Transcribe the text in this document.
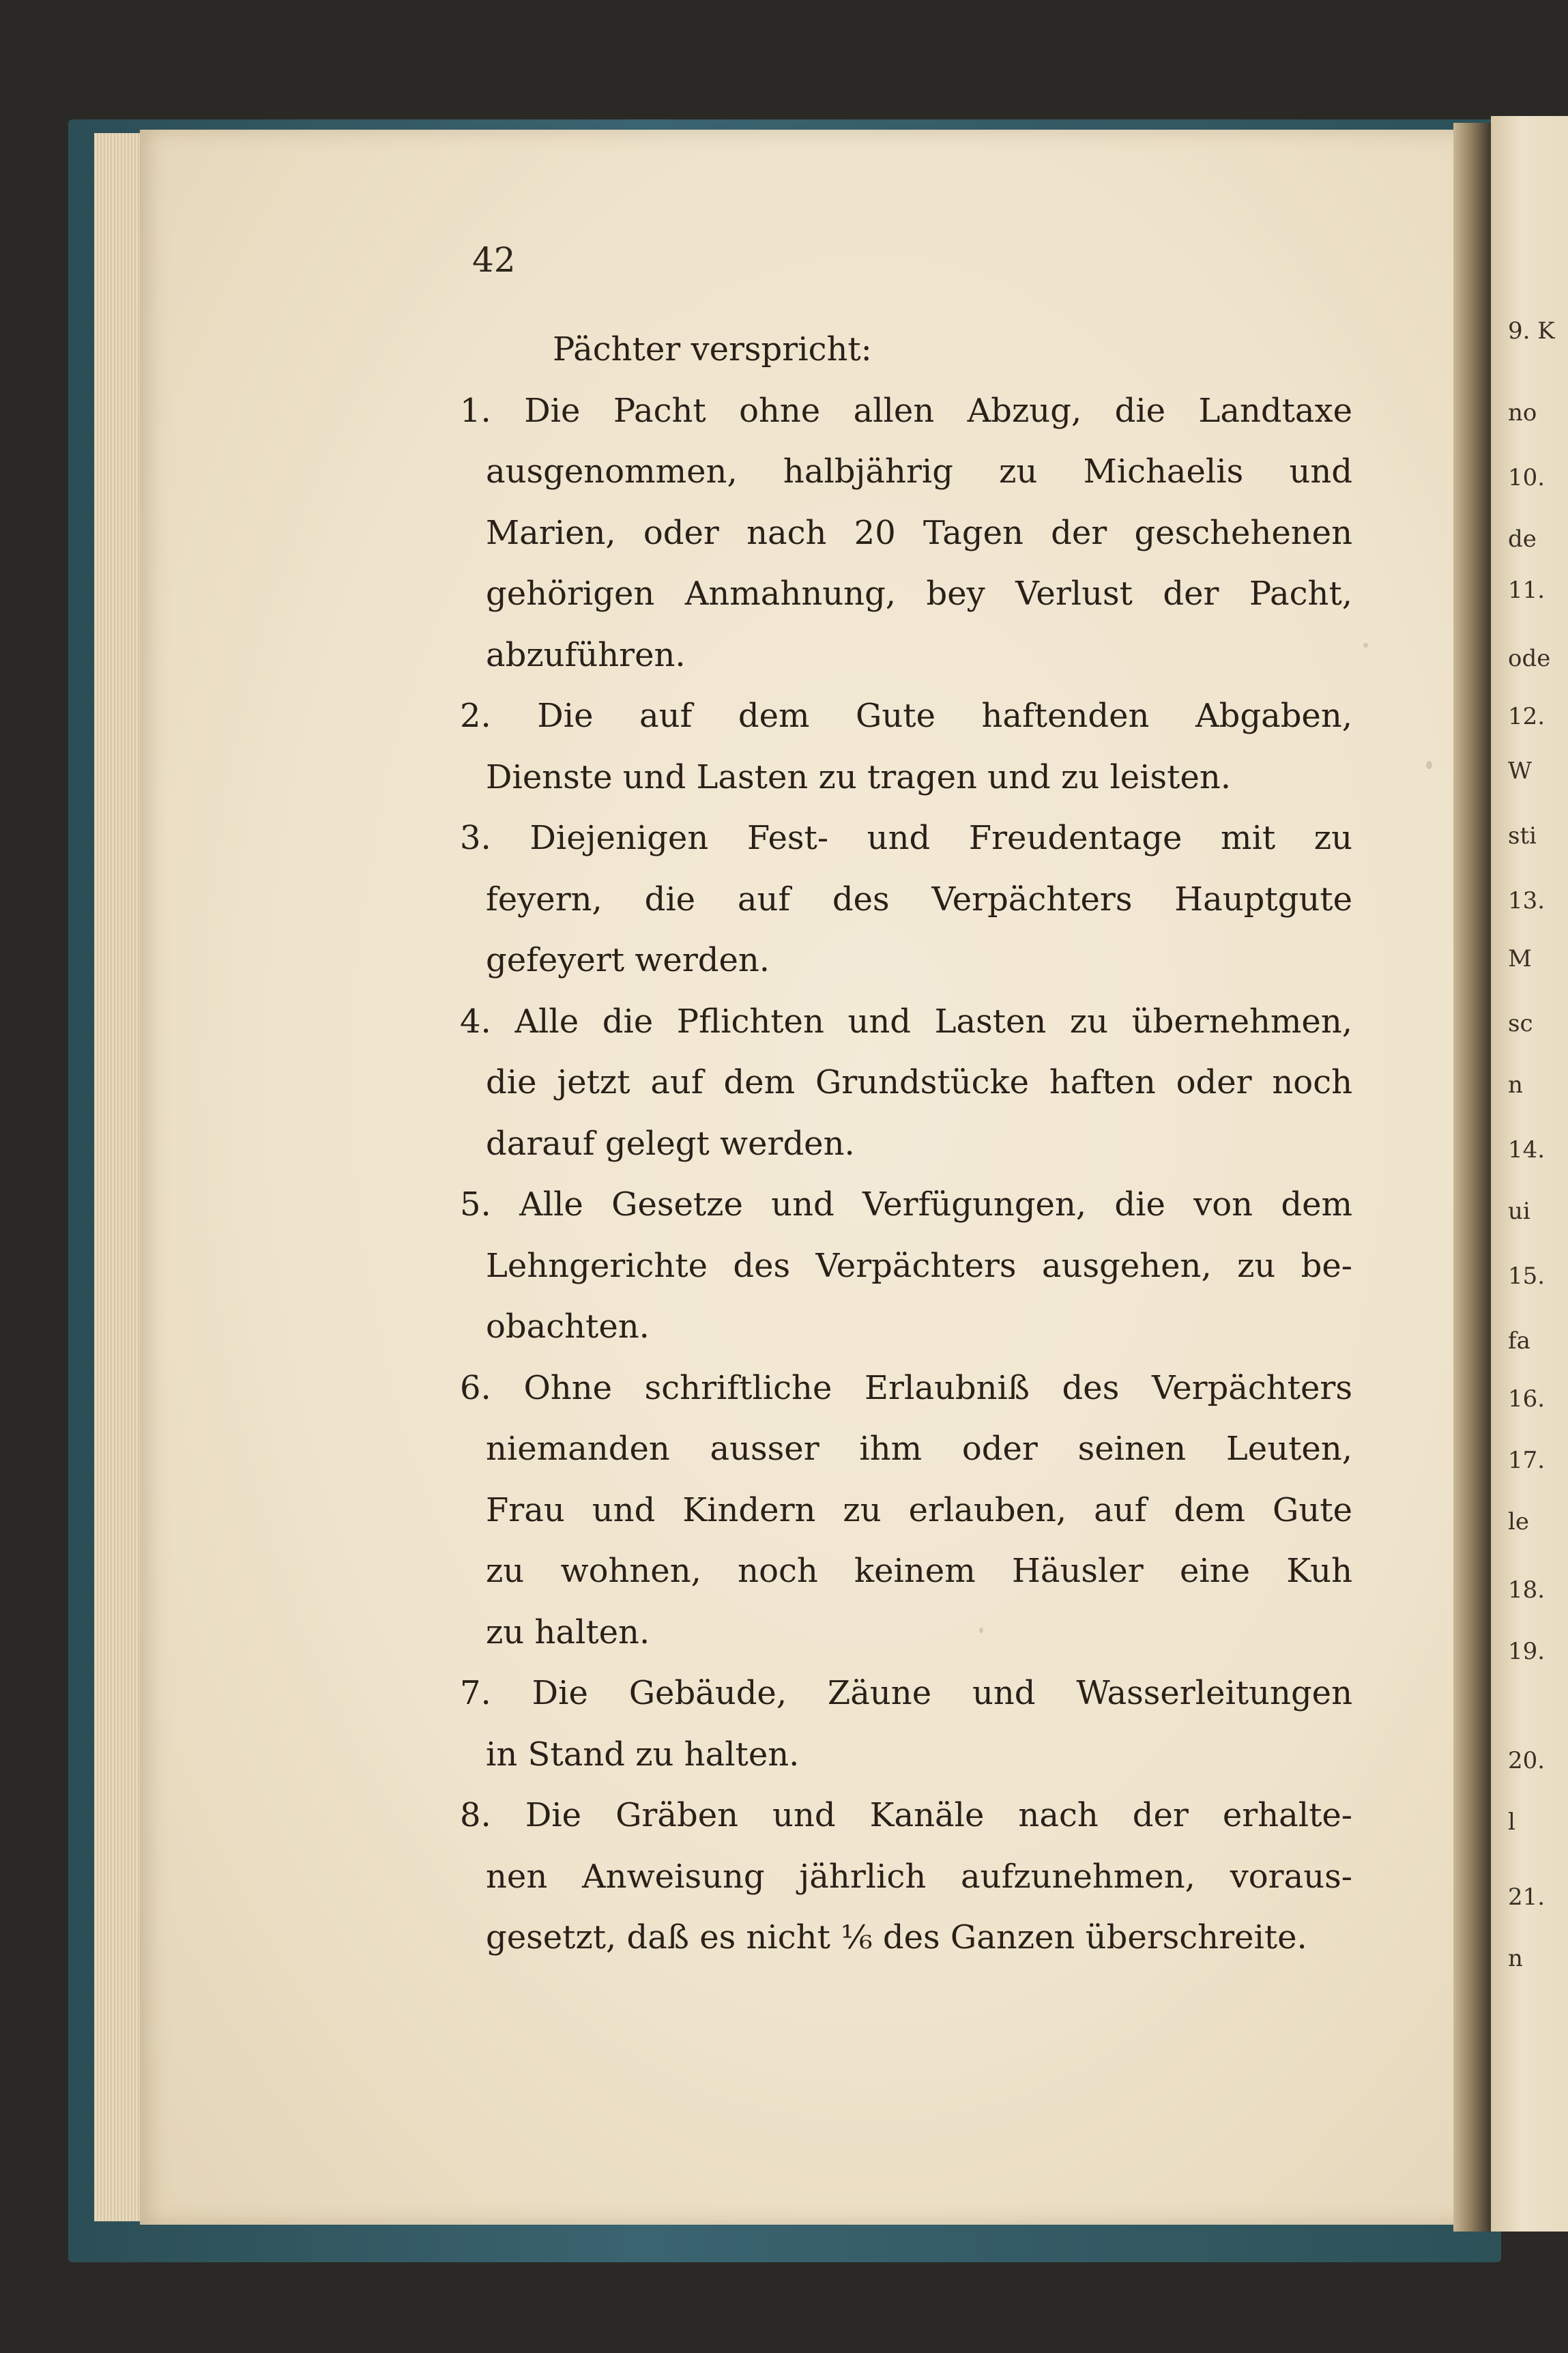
42
Pächter verspricht:
1. Die Pacht ohne allen Abzug, die Landtaxe
ausgenommen, halbjährig zu Michaelis und
Marien, oder nach 20 Tagen der geschehenen
gehörigen Anmahnung, bey Verlust der Pacht,
abzuführen.
2. Die auf dem Gute haftenden Abgaben,
Dienste und Lasten zu tragen und zu leisten.
3. Diejenigen Fest- und Freudentage mit zu
feyern, die auf des Verpächters Hauptgute
gefeyert werden.
4. Alle die Pflichten und Lasten zu übernehmen,
die jetzt auf dem Grundstücke haften oder noch
darauf gelegt werden.
5. Alle Gesetze und Verfügungen, die von dem
Lehngerichte des Verpächters ausgehen, zu be-
obachten.
6. Ohne schriftliche Erlaubniß des Verpächters
niemanden ausser ihm oder seinen Leuten,
Frau und Kindern zu erlauben, auf dem Gute
zu wohnen, noch keinem Häusler eine Kuh
zu halten.
7. Die Gebäude, Zäune und Wasserleitungen
in Stand zu halten.
8. Die Gräben und Kanäle nach der erhalte-
nen Anweisung jährlich aufzunehmen, voraus-
gesetzt, daß es nicht ⅙ des Ganzen überschreite.
9. K
no
10.
de
11.
ode
12.
W
sti
13.
M
sc
n
14.
ui
15.
fa
16.
17.
le
18.
19.
20.
l
21.
n
